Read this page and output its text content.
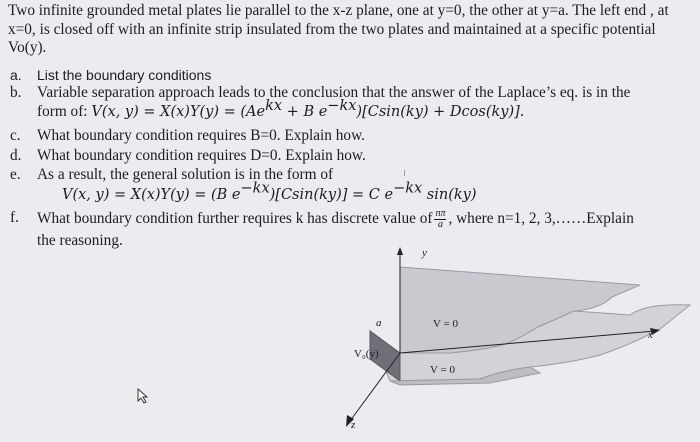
Two infinite grounded metal plates lie parallel to the x-z plane, one at y=0, the other at y=a. The left end , at x=0, is closed off with an infinite strip insulated from the two plates and maintained at a specific potential Vo(y).
a. List the boundary conditions
b. Variable separation approach leads to the conclusion that the answer of the Laplace’s eq. is in the
form of: V(x, $y) = X(x)Y(y) = (Ae^{kx} + B$ $e^{-kx})[Csin(ky) + Dcos(ky)]$.
c. What boundary condition requires B=0. Explain how.
d. What boundary condition requires D=0. Explain how.
e. As a result, the general solution is in the form of
V(x, y) = X(x)Y(y) = (B $e^{-kx})[Csin(ky)] = C$ $e^{-kx}$ sin(ky)
f. What boundary condition further requires k has discrete value of $\frac{n\pi}{a}$ , where n=1, 2, 3,……Explain
the reasoning.
y
x
z
a
V₀(y)
V = 0
V = 0
